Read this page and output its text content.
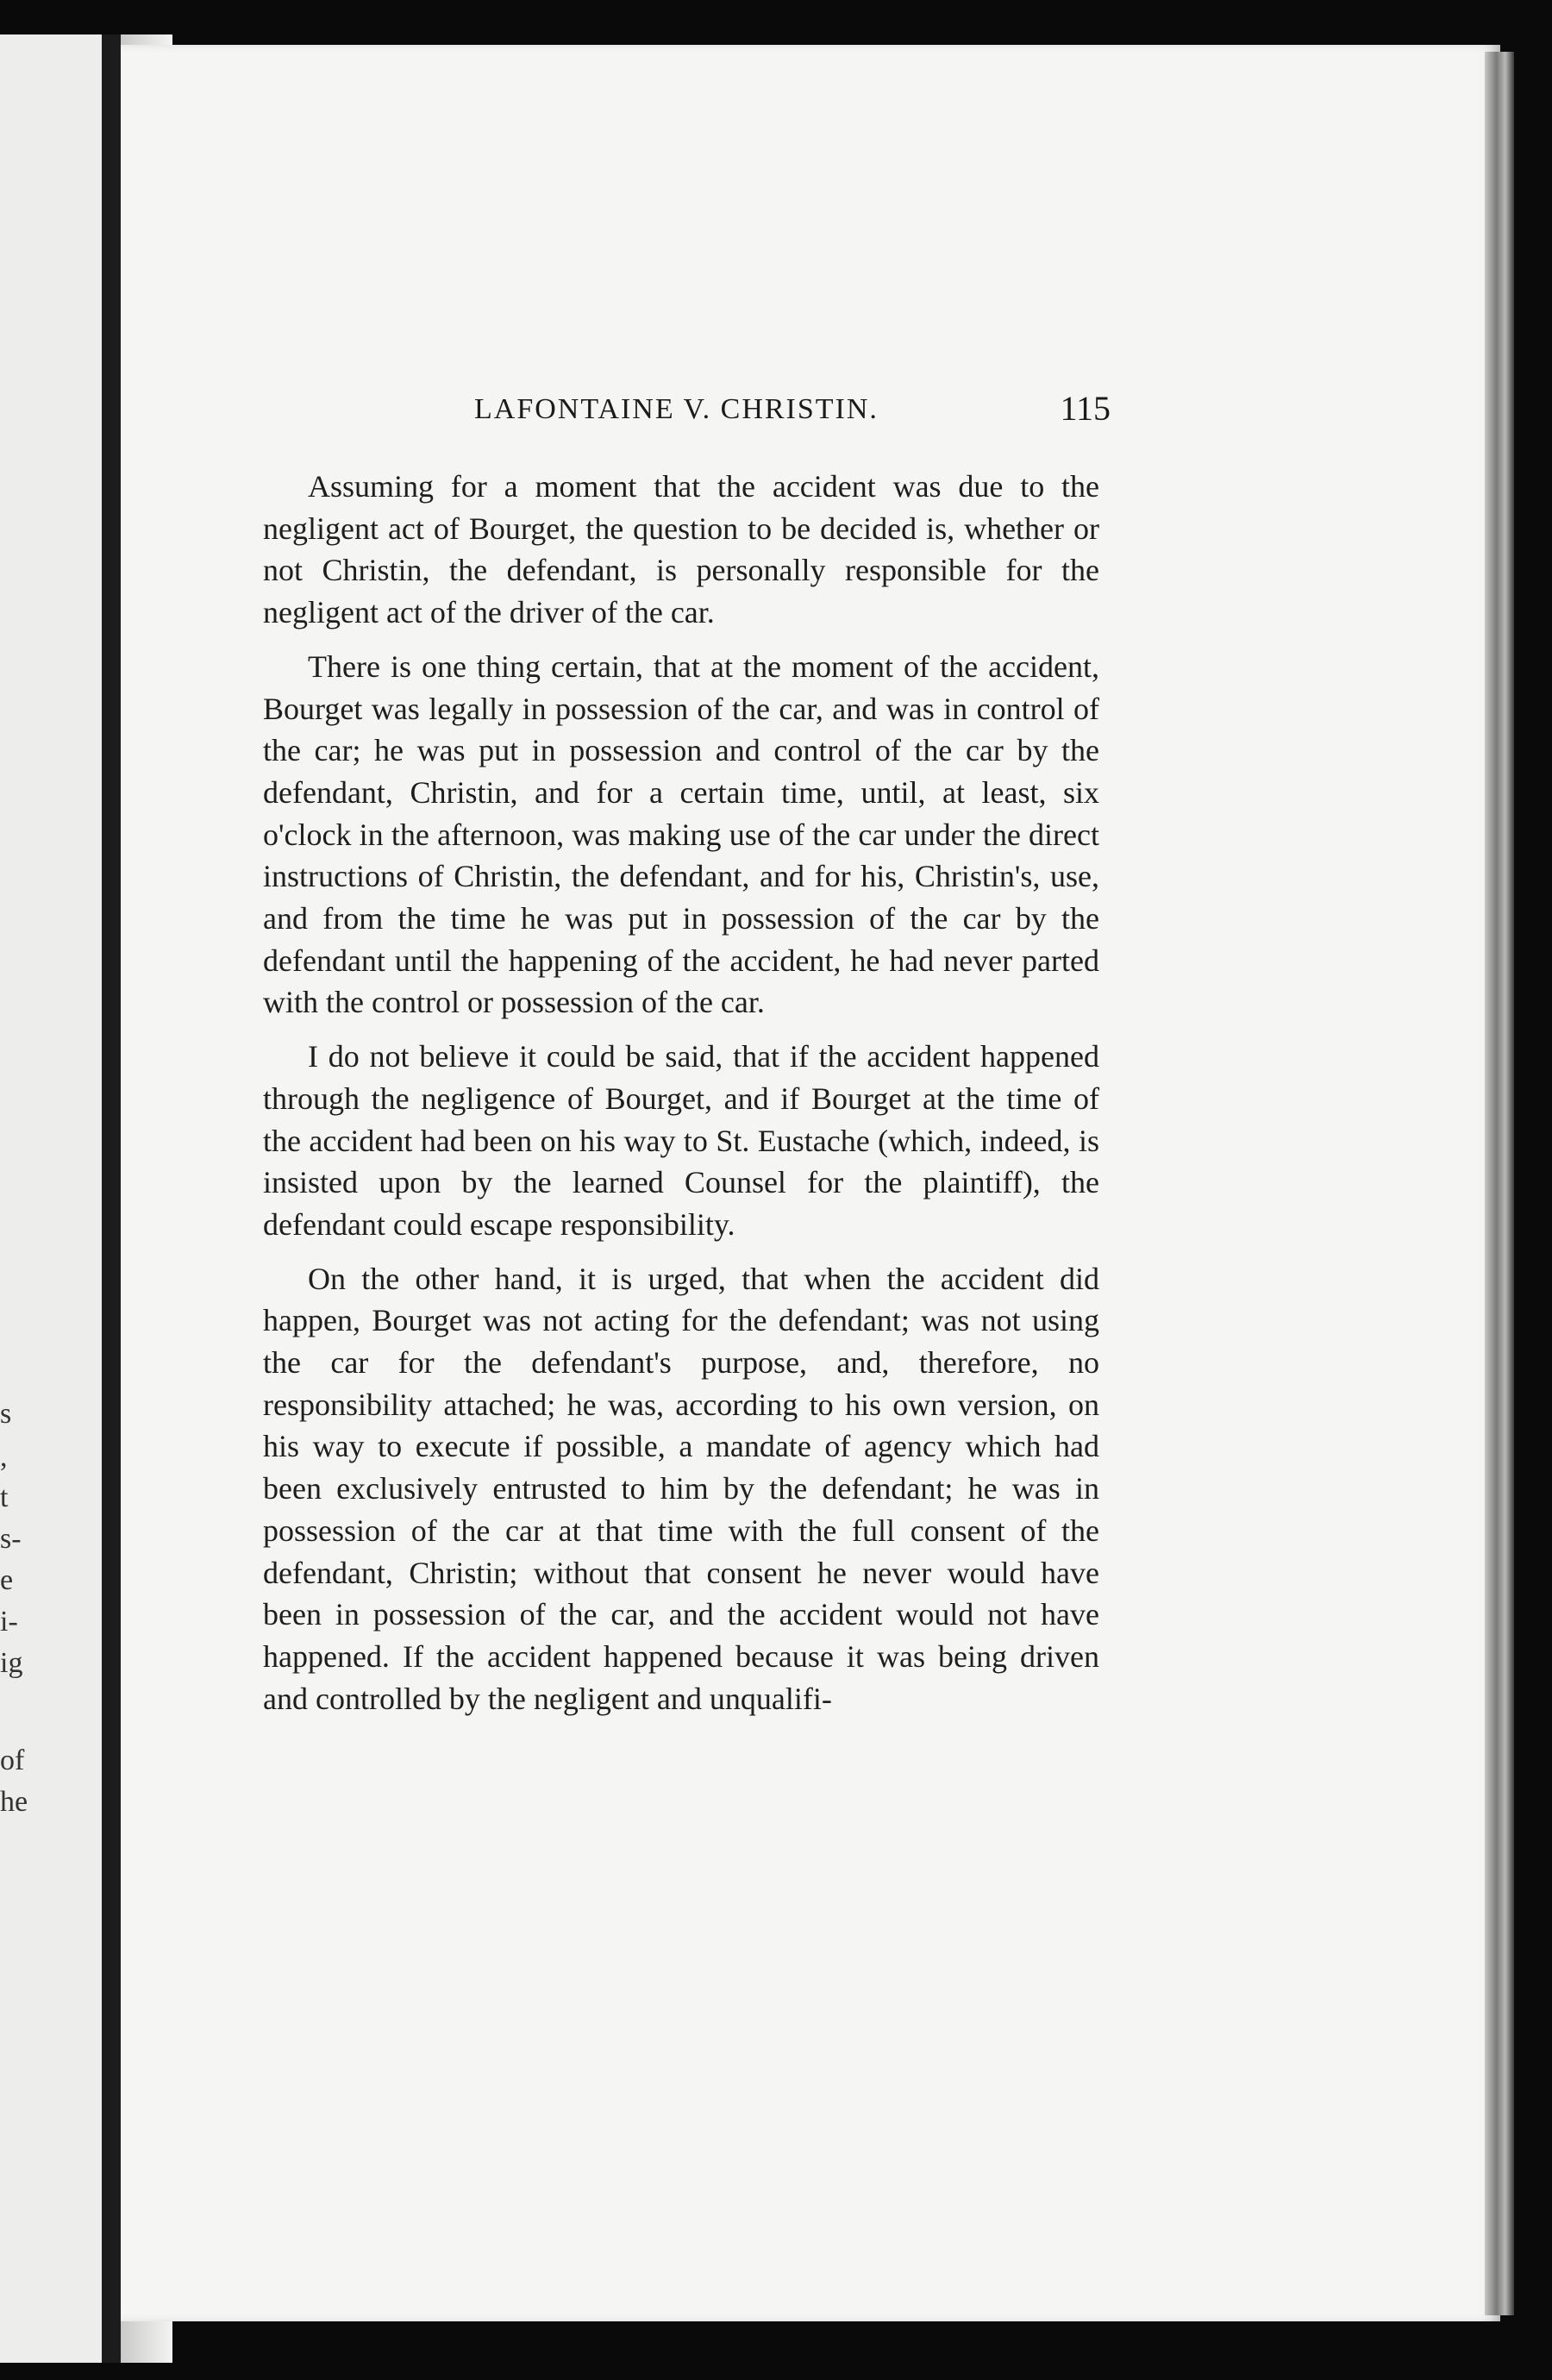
s
,
t
s-
e
i-
ig
of
he
LAFONTAINE V. CHRISTIN.	115

Assuming for a moment that the accident was due to the negligent act of Bourget, the question to be decided is, whether or not Christin, the defendant, is personally responsible for the negligent act of the driver of the car.

There is one thing certain, that at the moment of the accident, Bourget was legally in possession of the car, and was in control of the car; he was put in possession and control of the car by the defendant, Christin, and for a certain time, until, at least, six o'clock in the afternoon, was making use of the car under the direct instructions of Christin, the defendant, and for his, Christin's, use, and from the time he was put in possession of the car by the defendant until the happening of the accident, he had never parted with the control or possession of the car.

I do not believe it could be said, that if the accident happened through the negligence of Bourget, and if Bourget at the time of the accident had been on his way to St. Eustache (which, indeed, is insisted upon by the learned Counsel for the plaintiff), the defendant could escape responsibility.

On the other hand, it is urged, that when the accident did happen, Bourget was not acting for the defendant; was not using the car for the defendant's purpose, and, therefore, no responsibility attached; he was, according to his own version, on his way to execute if possible, a mandate of agency which had been exclusively entrusted to him by the defendant; he was in possession of the car at that time with the full consent of the defendant, Christin; without that consent he never would have been in possession of the car, and the accident would not have happened. If the accident happened because it was being driven and controlled by the negligent and unqualifi-
